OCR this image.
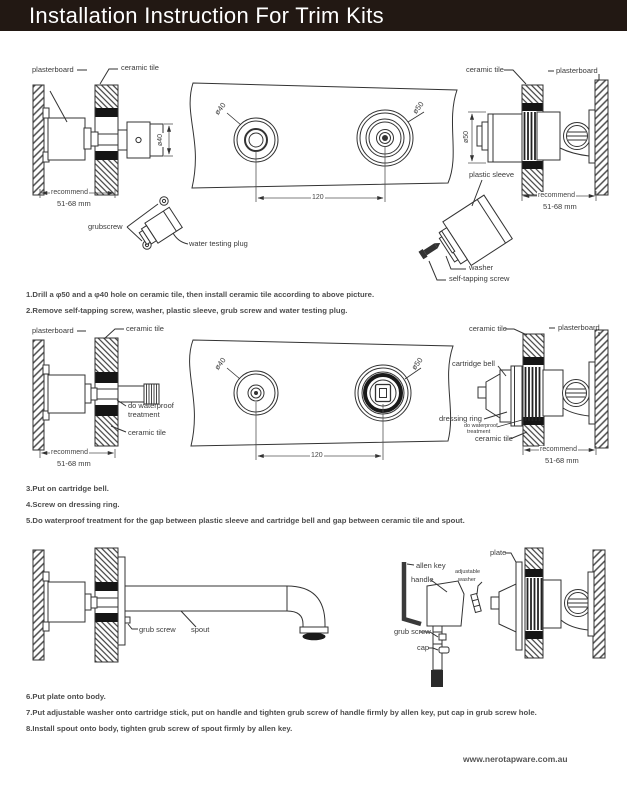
Installation Instruction For Trim Kits
plasterboard	ceramic tile
ø40
recommend
51-68 mm
grubscrew
water testing plug
ø40	ø50
120
ceramic tile	plasterboard
ø50
plastic sleeve
washer
self-tapping screw
recommend
51-68 mm
1.Drill a φ50 and a φ40 hole on ceramic tile, then install ceramic tile according to above picture.
2.Remove self-tapping screw, washer, plastic sleeve, grub screw and water testing plug.
plasterboard	ceramic tile
do waterproof
treatment
ceramic tile
recommend
51-68 mm
ø40	ø50
120
ceramic tile	plasterboard
cartridge bell
dressing ring
do waterproof
treatment
ceramic tile
recommend
51-68 mm
3.Put on cartridge bell.
4.Screw on dressing ring.
5.Do waterproof treatment for the gap between plastic sleeve and cartridge bell and gap between ceramic tile and spout.
grub screw spout
allen key
handle
adjustable
washer
grub screw
cap
plate
6.Put plate onto body.
7.Put adjustable washer onto cartridge stick, put on handle and tighten grub screw of handle firmly by allen key, put cap in grub screw hole.
8.Install spout onto body, tighten grub screw of spout firmly by allen key.
www.nerotapware.com.au
